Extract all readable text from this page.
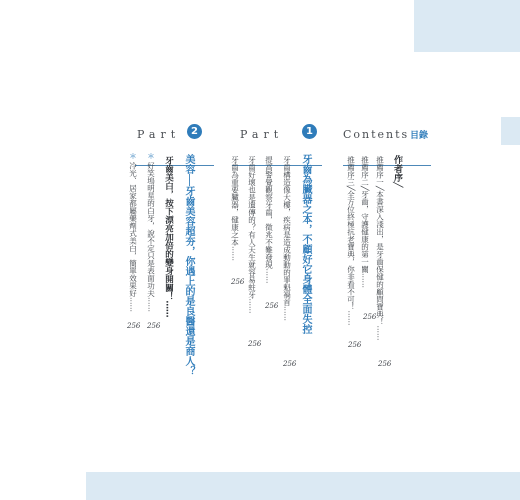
Part	2	Part	1	Contents 目錄
作者序╱
推薦序一╱本書深入淺出，是牙齒保健的顧問寶典！……
256
推薦序二╱牙齒，守護健康的第一關……
256
推薦序三╱全方位終極抗老寶典，你非看不可！……
256
牙齒為臟器之本，不顧好它身體全面失控
牙齒構造像大樓，疾病是造成動動的罪魁禍首……
256
提高警覺觀察牙齒，徵兆不難發現……
256
牙齒好壞也是遺傳的？有人天生就容易蛀牙……
256
牙齒為重要臟器，健康之本……
256
美容──牙齒美容超夯，你遇上的是良醫還是商人？
牙齒美白，按下漂亮加倍的變身開關！……
＊
好笑塢明星的白牙，說不定只是表面功夫……
256
＊
冷光、居家都屬藥劑式美白，簡單效果好……
256
